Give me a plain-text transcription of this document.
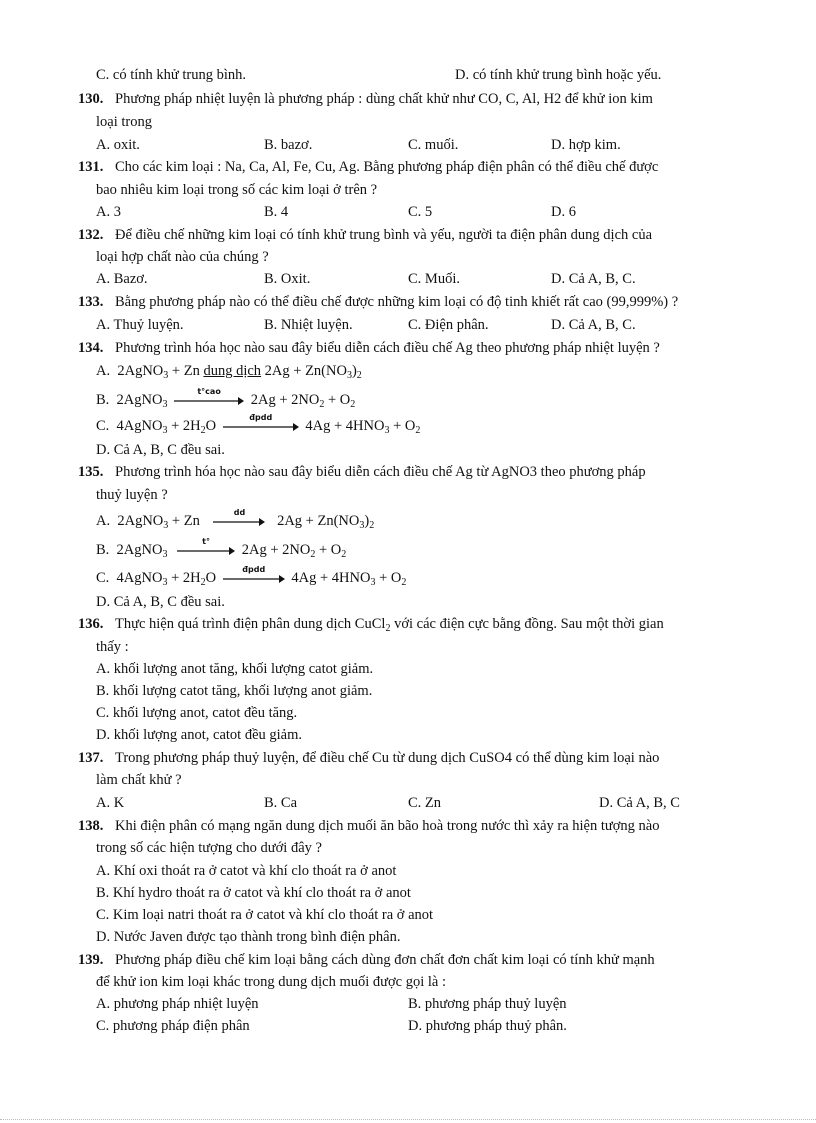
C. có tính khử trung bình.	D. có tính khử trung bình hoặc yếu.
130. Phương pháp nhiệt luyện là phương pháp : dùng chất khử như CO, C, Al, H2 để khử ion kim
loại trong
A. oxit.	B. bazơ.	C. muối.	D. hợp kim.
131. Cho các kim loại : Na, Ca, Al, Fe, Cu, Ag. Bằng phương pháp điện phân có thể điều chế được
bao nhiêu kim loại trong số các kim loại ở trên ?
A. 3	B. 4	C. 5	D. 6
132. Để điều chế những kim loại có tính khử trung bình và yếu, người ta điện phân dung dịch của
loại hợp chất nào của chúng ?
A. Bazơ.	B. Oxit.	C. Muối.	D. Cả A, B, C.
133. Bằng phương pháp nào có thể điều chế được những kim loại có độ tinh khiết rất cao (99,999%) ?
A. Thuỷ luyện.	B. Nhiệt luyện.	C. Điện phân.	D. Cả A, B, C.
134. Phương trình hóa học nào sau đây biểu diễn cách điều chế Ag theo phương pháp nhiệt luyện ?
A. 2AgNO$_3$ + Zn dung dịch $2Ag + Zn(NO_3)_2$
B. 2AgNO$_3$
t°cao
$2Ag + 2NO_2 + O_2$
C. 4AgNO$_3$ + $2H_2O$
đpdd
$4Ag + 4HNO_3 + O_2$
D. Cả A, B, C đều sai.
135. Phương trình hóa học nào sau đây biểu diễn cách điều chế Ag từ AgNO3 theo phương pháp
thuỷ luyện ?
A. 2AgNO$_3$ + Zn
dd
$2Ag + Zn(NO_3)_2$
B. 2AgNO$_3$
t°
$2Ag + 2NO_2 + O_2$
C. 4AgNO$_3$ + $2H_2O$
đpdd
$4Ag + 4HNO_3 + O_2$
D. Cả A, B, C đều sai.
136. Thực hiện quá trình điện phân dung dịch CuCl$_2$ với các điện cực bằng đồng. Sau một thời gian
thấy :
A. khối lượng anot tăng, khối lượng catot giảm.
B. khối lượng catot tăng, khối lượng anot giảm.
C. khối lượng anot, catot đều tăng.
D. khối lượng anot, catot đều giảm.
137. Trong phương pháp thuỷ luyện, để điều chế Cu từ dung dịch CuSO4 có thể dùng kim loại nào
làm chất khử ?
A. K	B. Ca	C. Zn	D. Cả A, B, C
138. Khi điện phân có mạng ngăn dung dịch muối ăn bão hoà trong nước thì xảy ra hiện tượng nào
trong số các hiện tượng cho dưới đây ?
A. Khí oxi thoát ra ở catot và khí clo thoát ra ở anot
B. Khí hydro thoát ra ở catot và khí clo thoát ra ở anot
C. Kim loại natri thoát ra ở catot và khí clo thoát ra ở anot
D. Nước Javen được tạo thành trong bình điện phân.
139. Phương pháp điều chế kim loại bằng cách dùng đơn chất đơn chất kim loại có tính khử mạnh
để khử ion kim loại khác trong dung dịch muối được gọi là :
A. phương pháp nhiệt luyện	B. phương pháp thuỷ luyện
C. phương pháp điện phân	D. phương pháp thuỷ phân.
